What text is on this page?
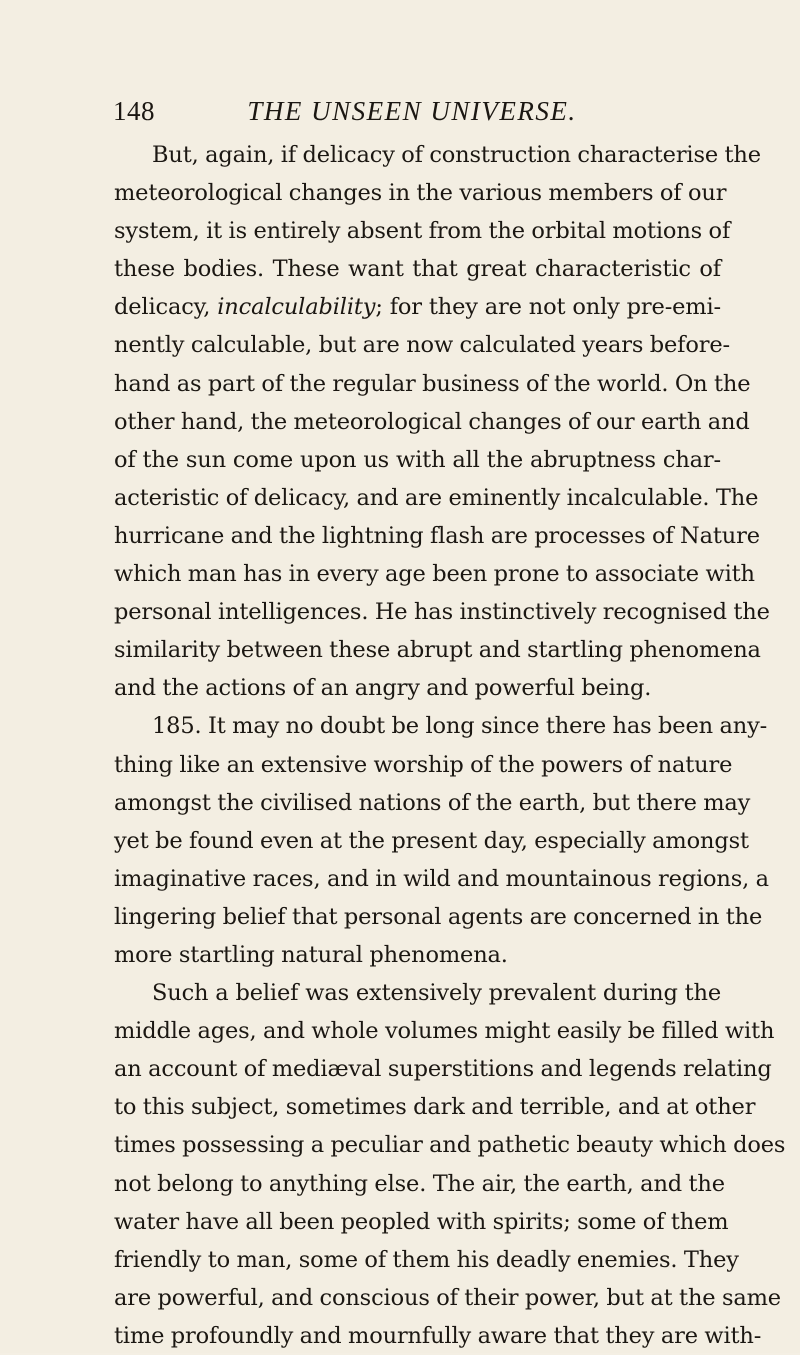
148	THE UNSEEN UNIVERSE.
But, again, if delicacy of construction characterise the
meteorological changes in the various members of our
system, it is entirely absent from the orbital motions of
these bodies. These want that great characteristic of
delicacy, incalculability; for they are not only pre-emi-
nently calculable, but are now calculated years before-
hand as part of the regular business of the world. On the
other hand, the meteorological changes of our earth and
of the sun come upon us with all the abruptness char-
acteristic of delicacy, and are eminently incalculable. The
hurricane and the lightning flash are processes of Nature
which man has in every age been prone to associate with
personal intelligences. He has instinctively recognised the
similarity between these abrupt and startling phenomena
and the actions of an angry and powerful being.
185. It may no doubt be long since there has been any-
thing like an extensive worship of the powers of nature
amongst the civilised nations of the earth, but there may
yet be found even at the present day, especially amongst
imaginative races, and in wild and mountainous regions, a
lingering belief that personal agents are concerned in the
more startling natural phenomena.
Such a belief was extensively prevalent during the
middle ages, and whole volumes might easily be filled with
an account of mediæval superstitions and legends relating
to this subject, sometimes dark and terrible, and at other
times possessing a peculiar and pathetic beauty which does
not belong to anything else. The air, the earth, and the
water have all been peopled with spirits; some of them
friendly to man, some of them his deadly enemies. They
are powerful, and conscious of their power, but at the same
time profoundly and mournfully aware that they are with-
